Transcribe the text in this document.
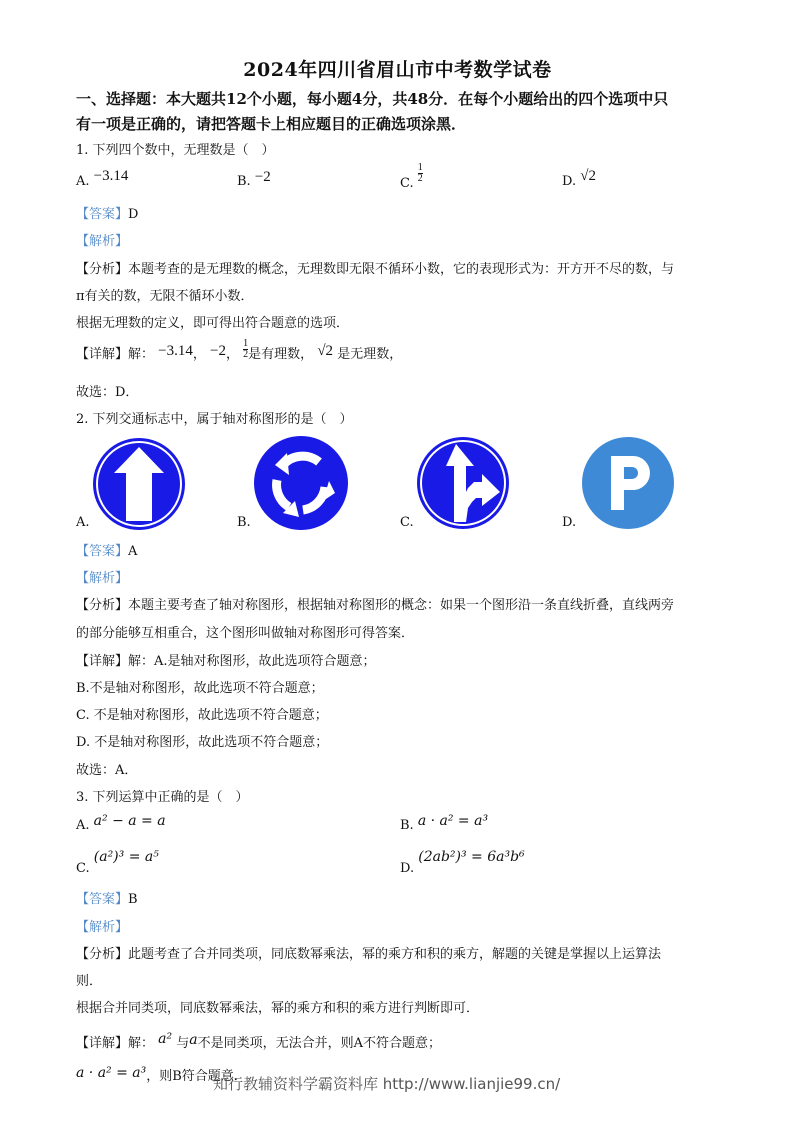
2024年四川省眉山市中考数学试卷
一、选择题：本大题共12个小题，每小题4分，共48分．在每个小题给出的四个选项中只
有一项是正确的，请把答题卡上相应题目的正确选项涂黑．
1. 下列四个数中，无理数是（　）
A. −3.14	B. −2	C. $\frac{1}{2}$	D. √2
【答案】D
【解析】
【分析】本题考查的是无理数的概念，无理数即无限不循环小数，它的表现形式为：开方开不尽的数，与
π有关的数，无限不循环小数．
根据无理数的定义，即可得出符合题意的选项．
【详解】解： −3.14， −2， $\frac{1}{2}$ 是有理数， √2 是无理数，
故选：D．
2. 下列交通标志中，属于轴对称图形的是（　）
A.	B.	C.	D.
【答案】A
【解析】
【分析】本题主要考查了轴对称图形，根据轴对称图形的概念：如果一个图形沿一条直线折叠，直线两旁
的部分能够互相重合，这个图形叫做轴对称图形可得答案．
【详解】解：A.是轴对称图形，故此选项符合题意；
B.不是轴对称图形，故此选项不符合题意；
C. 不是轴对称图形，故此选项不符合题意；
D. 不是轴对称图形，故此选项不符合题意；
故选：A．
3. 下列运算中正确的是（　）
A. a² − a = a	B. a · a² = a³
C. (a²)³ = a⁵
D. (2ab²)³ = 6a³b⁶
【答案】B
【解析】
【分析】此题考查了合并同类项，同底数幂乘法，幂的乘方和积的乘方，解题的关键是掌握以上运算法
则．
根据合并同类项，同底数幂乘法，幂的乘方和积的乘方进行判断即可．
【详解】解： a² 与a不是同类项，无法合并，则A不符合题意；
a · a² = a³，则B符合题意．
知行教辅资料学霸资料库 http://www.lianjie99.cn/
